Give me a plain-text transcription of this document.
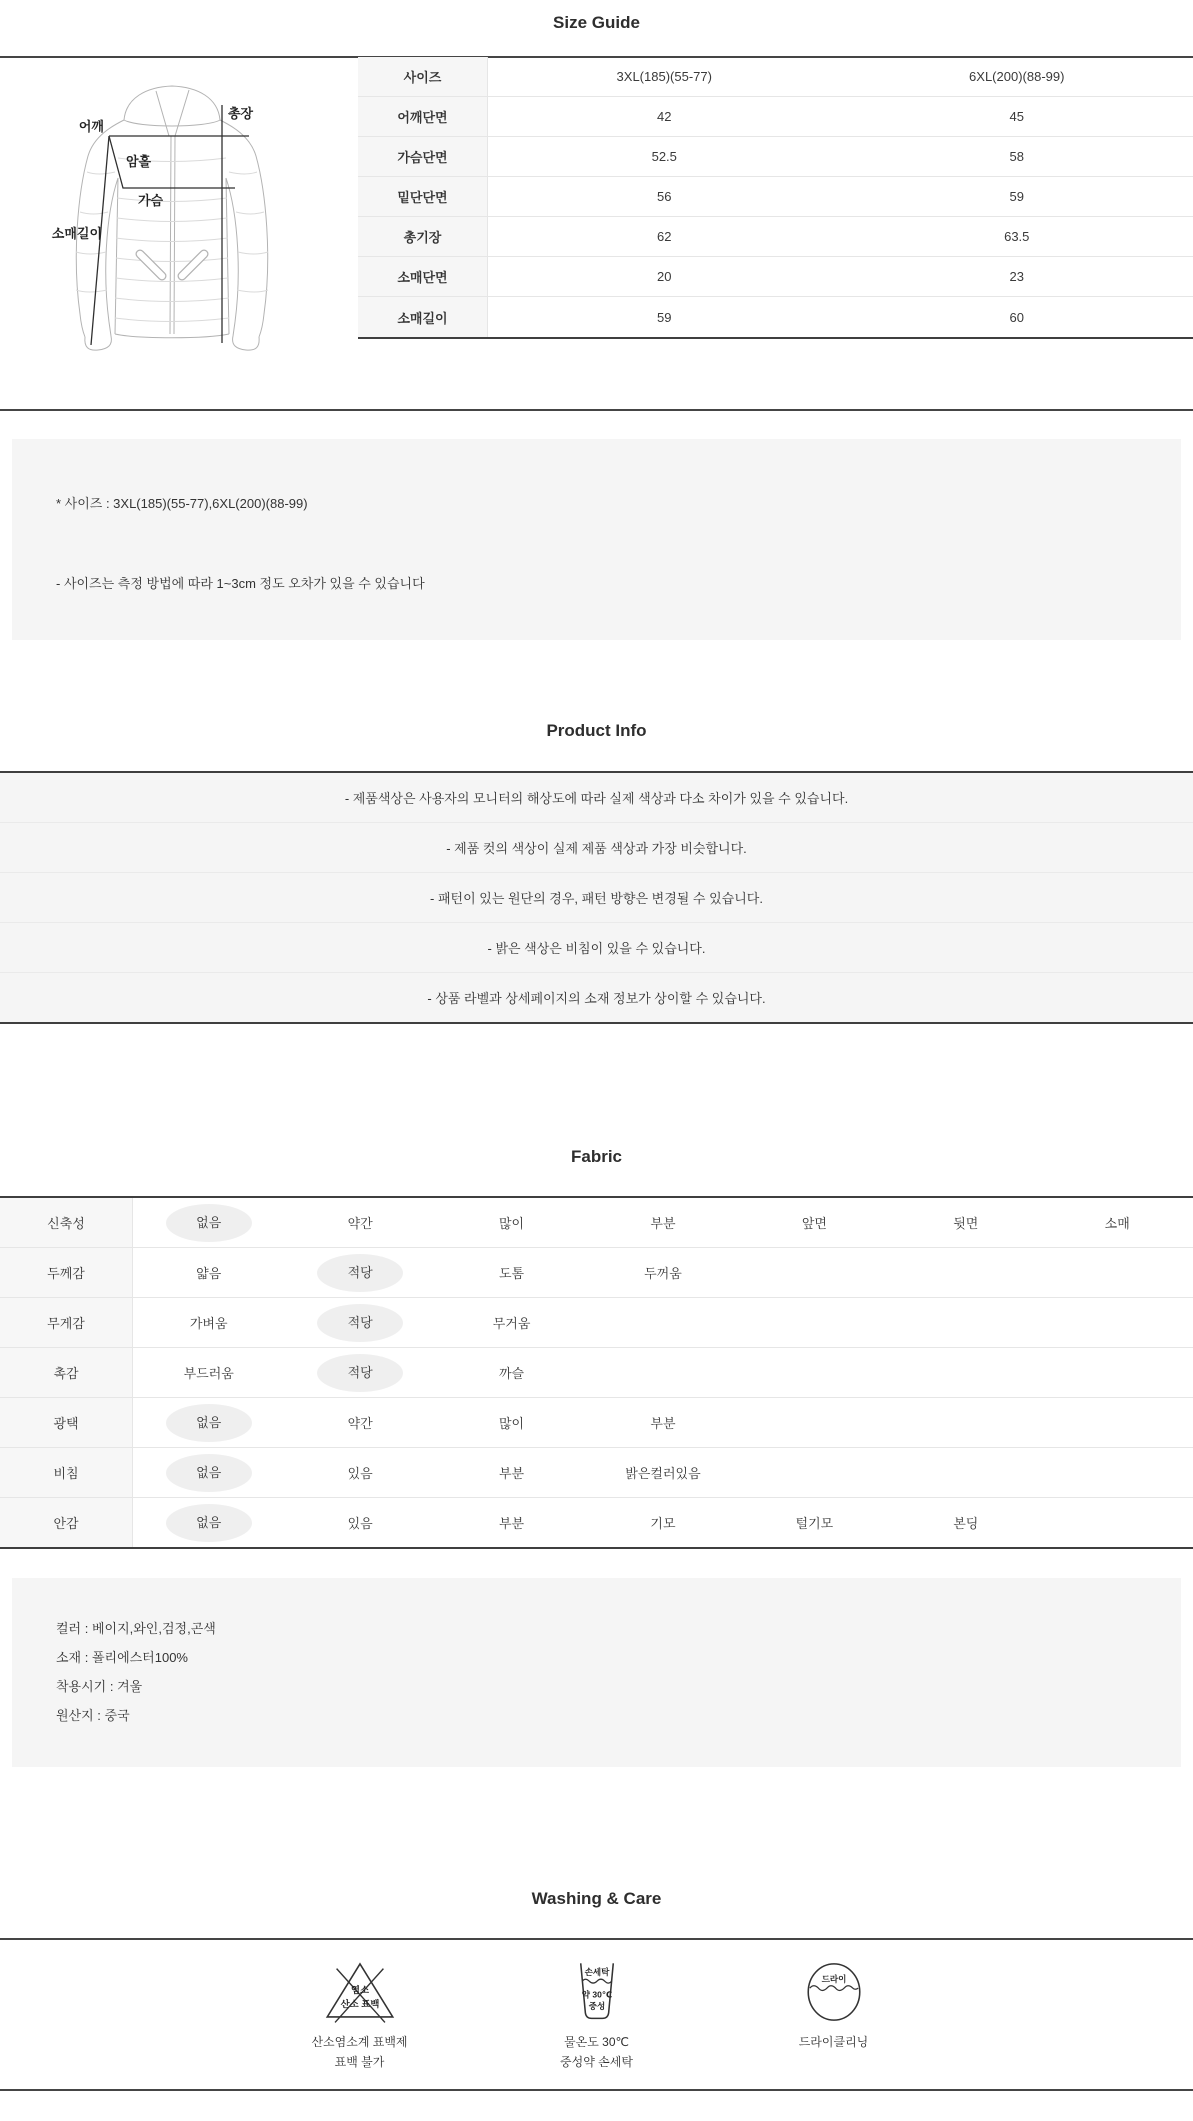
Size Guide
어깨
총장
암홀
가슴
소매길이
사이즈	3XL(185)(55-77)	6XL(200)(88-99)
어깨단면	42	45
가슴단면	52.5	58
밑단단면	56	59
총기장	62	63.5
소매단면	20	23
소매길이	59	60

* 사이즈 : 3XL(185)(55-77),6XL(200)(88-99)

- 사이즈는 측정 방법에 따라 1~3cm 정도 오차가 있을 수 있습니다

Product Info
- 제품색상은 사용자의 모니터의 해상도에 따라 실제 색상과 다소 차이가 있을 수 있습니다.
- 제품 컷의 색상이 실제 제품 색상과 가장 비슷합니다.
- 패턴이 있는 원단의 경우, 패턴 방향은 변경될 수 있습니다.
- 밝은 색상은 비침이 있을 수 있습니다.
- 상품 라벨과 상세페이지의 소재 정보가 상이할 수 있습니다.
Fabric
신축성	없음	약간	많이	부분	앞면	뒷면	소매
두께감	얇음	적당	도톰	두꺼움
무게감	가벼움	적당	무거움
촉감	부드러움	적당	까슬
광택	없음	약간	많이	부분
비침	없음	있음	부분	밝은컬러있음
안감	없음	있음	부분	기모	털기모	본딩

컬러 : 베이지,와인,검정,곤색

소재 : 폴리에스터100%

착용시기 : 겨울

원산지 : 중국

Washing & Care
염소
산소 표백
산소염소계 표백제
표백 불가
손세탁
약 30℃
중성
물온도 30℃
중성약 손세탁
드라이
드라이클리닝
